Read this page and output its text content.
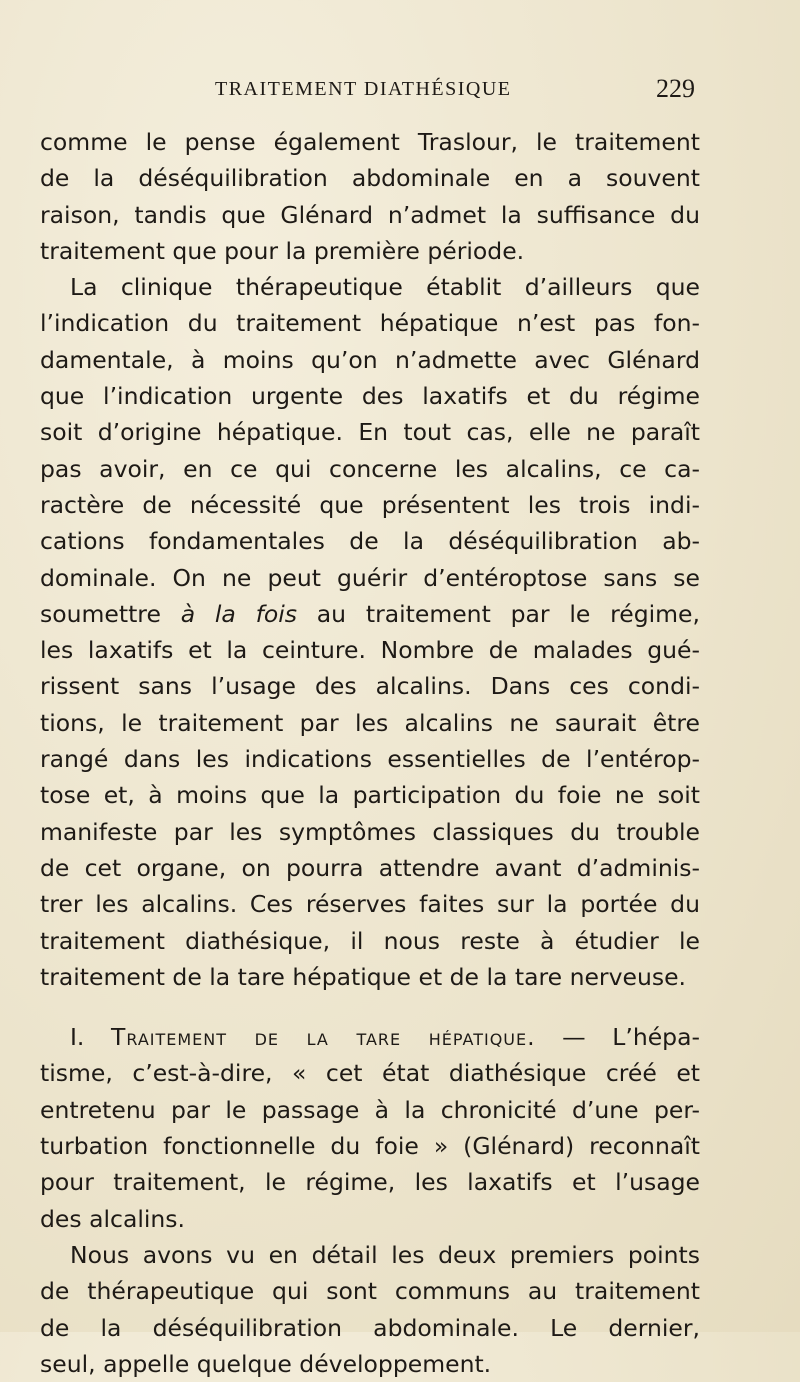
TRAITEMENT DIATHÉSIQUE	229
comme le pense également Traslour, le traitement
de la déséquilibration abdominale en a souvent
raison, tandis que Glénard n’admet la suffisance du
traitement que pour la première période.
La clinique thérapeutique établit d’ailleurs que
l’indication du traitement hépatique n’est pas fon-
damentale, à moins qu’on n’admette avec Glénard
que l’indication urgente des laxatifs et du régime
soit d’origine hépatique. En tout cas, elle ne paraît
pas avoir, en ce qui concerne les alcalins, ce ca-
ractère de nécessité que présentent les trois indi-
cations fondamentales de la déséquilibration ab-
dominale. On ne peut guérir d’entéroptose sans se
soumettre à la fois au traitement par le régime,
les laxatifs et la ceinture. Nombre de malades gué-
rissent sans l’usage des alcalins. Dans ces condi-
tions, le traitement par les alcalins ne saurait être
rangé dans les indications essentielles de l’entérop-
tose et, à moins que la participation du foie ne soit
manifeste par les symptômes classiques du trouble
de cet organe, on pourra attendre avant d’adminis-
trer les alcalins. Ces réserves faites sur la portée du
traitement diathésique, il nous reste à étudier le
traitement de la tare hépatique et de la tare nerveuse.
I. Traitement de la tare hépatique. — L’hépa-
tisme, c’est-à-dire, « cet état diathésique créé et
entretenu par le passage à la chronicité d’une per-
turbation fonctionnelle du foie » (Glénard) reconnaît
pour traitement, le régime, les laxatifs et l’usage
des alcalins.
Nous avons vu en détail les deux premiers points
de thérapeutique qui sont communs au traitement
de la déséquilibration abdominale. Le dernier,
seul, appelle quelque développement.
